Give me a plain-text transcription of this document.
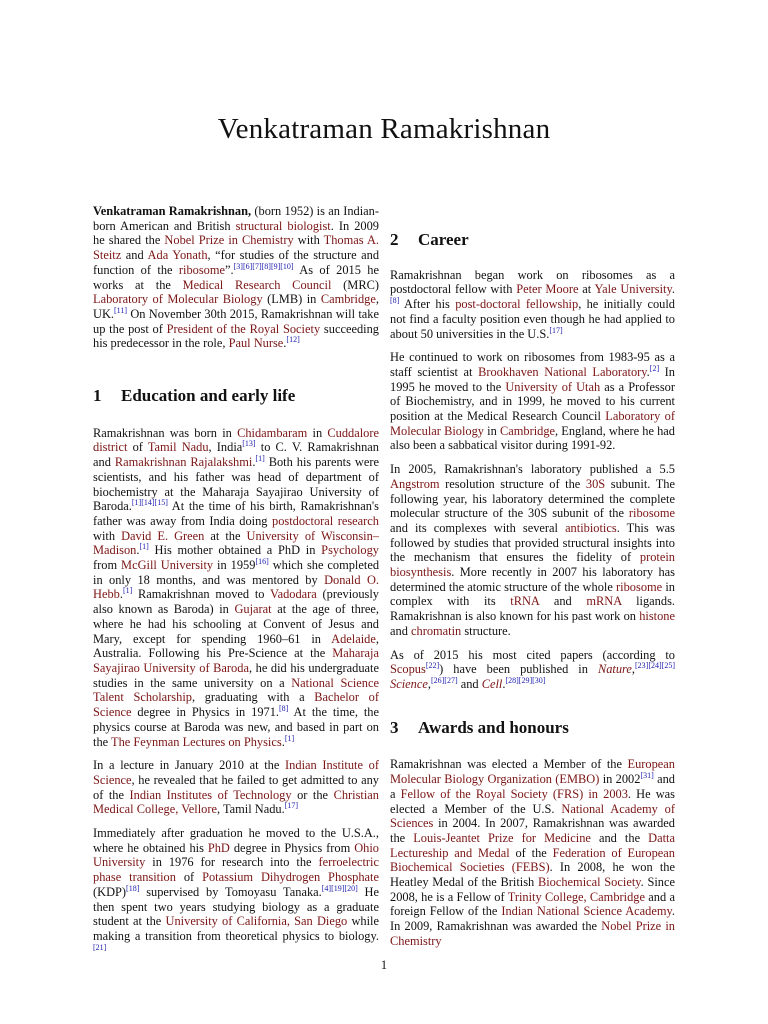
Venkatraman Ramakrishnan

Venkatraman Ramakrishnan, (born 1952) is an Indian-born American and British structural biologist. In 2009 he shared the Nobel Prize in Chemistry with Thomas A. Steitz and Ada Yonath, “for studies of the structure and function of the ribosome”.[3][6][7][8][9][10] As of 2015 he works at the Medical Research Council (MRC) Laboratory of Molecular Biology (LMB) in Cambridge, UK.[11] On November 30th 2015, Ramakrishnan will take up the post of President of the Royal Society succeeding his predecessor in the role, Paul Nurse.[12]

1 Education and early life

Ramakrishnan was born in Chidambaram in Cuddalore district of Tamil Nadu, India[13] to C. V. Ramakrishnan and Ramakrishnan Rajalakshmi.[1] Both his parents were scientists, and his father was head of department of biochemistry at the Maharaja Sayajirao University of Baroda.[1][14][15] At the time of his birth, Ramakrishnan's father was away from India doing postdoctoral research with David E. Green at the University of Wisconsin–Madison.[1] His mother obtained a PhD in Psychology from McGill University in 1959[16] which she completed in only 18 months, and was mentored by Donald O. Hebb.[1] Ramakrishnan moved to Vadodara (previously also known as Baroda) in Gujarat at the age of three, where he had his schooling at Convent of Jesus and Mary, except for spending 1960–61 in Adelaide, Australia. Following his Pre-Science at the Maharaja Sayajirao University of Baroda, he did his undergraduate studies in the same university on a National Science Talent Scholarship, graduating with a Bachelor of Science degree in Physics in 1971.[8] At the time, the physics course at Baroda was new, and based in part on the The Feynman Lectures on Physics.[1]

In a lecture in January 2010 at the Indian Institute of Science, he revealed that he failed to get admitted to any of the Indian Institutes of Technology or the Christian Medical College, Vellore, Tamil Nadu.[17]

Immediately after graduation he moved to the U.S.A., where he obtained his PhD degree in Physics from Ohio University in 1976 for research into the ferroelectric phase transition of Potassium Dihydrogen Phosphate (KDP)[18] supervised by Tomoyasu Tanaka.[4][19][20] He then spent two years studying biology as a graduate student at the University of California, San Diego while making a transition from theoretical physics to biology.[21]

2 Career

Ramakrishnan began work on ribosomes as a postdoctoral fellow with Peter Moore at Yale University.[8] After his post-doctoral fellowship, he initially could not find a faculty position even though he had applied to about 50 universities in the U.S.[17]

He continued to work on ribosomes from 1983-95 as a staff scientist at Brookhaven National Laboratory.[2] In 1995 he moved to the University of Utah as a Professor of Biochemistry, and in 1999, he moved to his current position at the Medical Research Council Laboratory of Molecular Biology in Cambridge, England, where he had also been a sabbatical visitor during 1991-92.

In 2005, Ramakrishnan's laboratory published a 5.5 Angstrom resolution structure of the 30S subunit. The following year, his laboratory determined the complete molecular structure of the 30S subunit of the ribosome and its complexes with several antibiotics. This was followed by studies that provided structural insights into the mechanism that ensures the fidelity of protein biosynthesis. More recently in 2007 his laboratory has determined the atomic structure of the whole ribosome in complex with its tRNA and mRNA ligands. Ramakrishnan is also known for his past work on histone and chromatin structure.

As of 2015 his most cited papers (according to Scopus[22]) have been published in Nature,[23][24][25] Science,[26][27] and Cell.[28][29][30]

3 Awards and honours

Ramakrishnan was elected a Member of the European Molecular Biology Organization (EMBO) in 2002[31] and a Fellow of the Royal Society (FRS) in 2003. He was elected a Member of the U.S. National Academy of Sciences in 2004. In 2007, Ramakrishnan was awarded the Louis-Jeantet Prize for Medicine and the Datta Lectureship and Medal of the Federation of European Biochemical Societies (FEBS). In 2008, he won the Heatley Medal of the British Biochemical Society. Since 2008, he is a Fellow of Trinity College, Cambridge and a foreign Fellow of the Indian National Science Academy. In 2009, Ramakrishnan was awarded the Nobel Prize in Chemistry

1
